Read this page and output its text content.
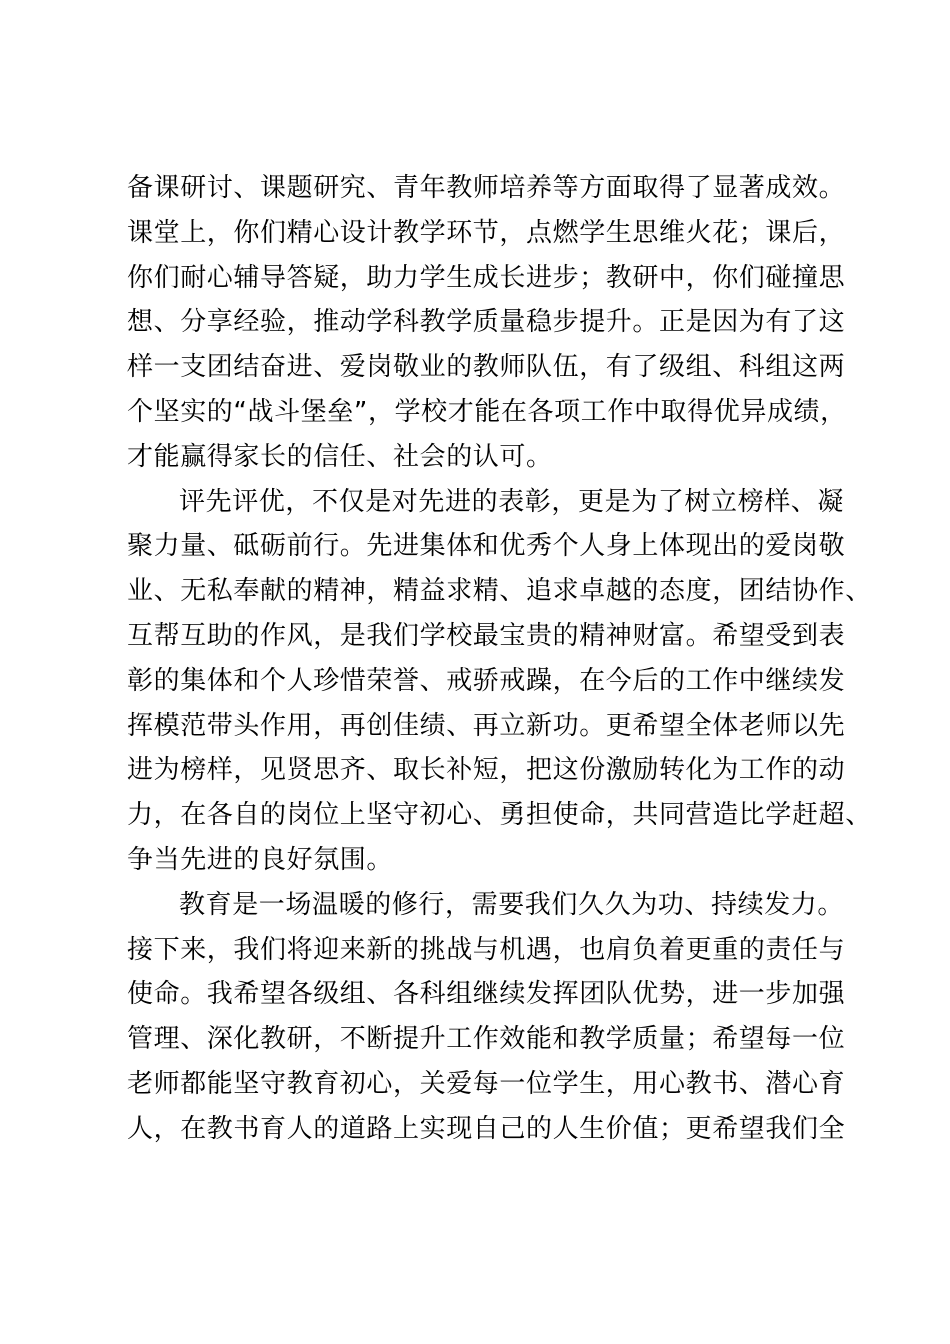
备课研讨、课题研究、青年教师培养等方面取得了显著成效。
课堂上，你们精心设计教学环节，点燃学生思维火花；课后，
你们耐心辅导答疑，助力学生成长进步；教研中，你们碰撞思
想、分享经验，推动学科教学质量稳步提升。正是因为有了这
样一支团结奋进、爱岗敬业的教师队伍，有了级组、科组这两
个坚实的“战斗堡垒”，学校才能在各项工作中取得优异成绩，
才能赢得家长的信任、社会的认可。
评先评优，不仅是对先进的表彰，更是为了树立榜样、凝
聚力量、砥砺前行。先进集体和优秀个人身上体现出的爱岗敬
业、无私奉献的精神，精益求精、追求卓越的态度，团结协作、
互帮互助的作风，是我们学校最宝贵的精神财富。希望受到表
彰的集体和个人珍惜荣誉、戒骄戒躁，在今后的工作中继续发
挥模范带头作用，再创佳绩、再立新功。更希望全体老师以先
进为榜样，见贤思齐、取长补短，把这份激励转化为工作的动
力，在各自的岗位上坚守初心、勇担使命，共同营造比学赶超、
争当先进的良好氛围。
教育是一场温暖的修行，需要我们久久为功、持续发力。
接下来，我们将迎来新的挑战与机遇，也肩负着更重的责任与
使命。我希望各级组、各科组继续发挥团队优势，进一步加强
管理、深化教研，不断提升工作效能和教学质量；希望每一位
老师都能坚守教育初心，关爱每一位学生，用心教书、潜心育
人，在教书育人的道路上实现自己的人生价值；更希望我们全
